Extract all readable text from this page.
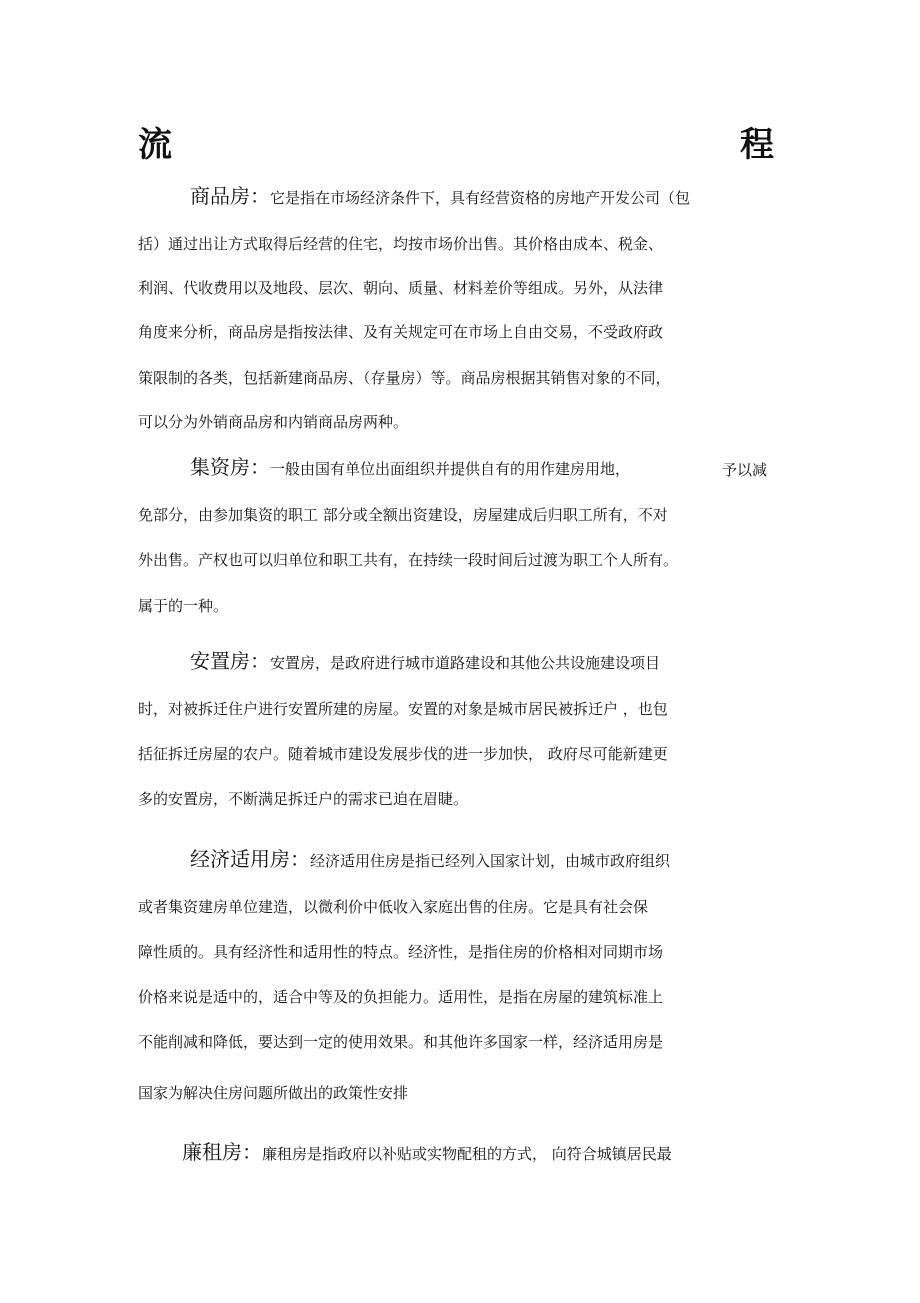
流	程
商品房：它是指在市场经济条件下，具有经营资格的房地产开发公司（包
括）通过出让方式取得后经营的住宅，均按市场价出售。其价格由成本、税金、
利润、代收费用以及地段、层次、朝向、质量、材料差价等组成。另外，从法律
角度来分析，商品房是指按法律、及有关规定可在市场上自由交易，不受政府政
策限制的各类，包括新建商品房、（存量房）等。商品房根据其销售对象的不同，
可以分为外销商品房和内销商品房两种。
集资房：一般由国有单位出面组织并提供自有的用作建房用地，	予以减
免部分，由参加集资的职工 部分或全额出资建设，房屋建成后归职工所有，不对
外出售。产权也可以归单位和职工共有，在持续一段时间后过渡为职工个人所有。
属于的一种。
安置房：安置房，是政府进行城市道路建设和其他公共设施建设项目
时，对被拆迁住户进行安置所建的房屋。安置的对象是城市居民被拆迁户 ，也包
括征拆迁房屋的农户。随着城市建设发展步伐的进一步加快， 政府尽可能新建更
多的安置房，不断满足拆迁户的需求已迫在眉睫。
经济适用房：经济适用住房是指已经列入国家计划，由城市政府组织
或者集资建房单位建造，以微利价中低收入家庭出售的住房。它是具有社会保
障性质的。具有经济性和适用性的特点。经济性，是指住房的价格相对同期市场
价格来说是适中的，适合中等及的负担能力。适用性，是指在房屋的建筑标准上
不能削减和降低，要达到一定的使用效果。和其他许多国家一样，经济适用房是
国家为解决住房问题所做出的政策性安排
廉租房：廉租房是指政府以补贴或实物配租的方式， 向符合城镇居民最
